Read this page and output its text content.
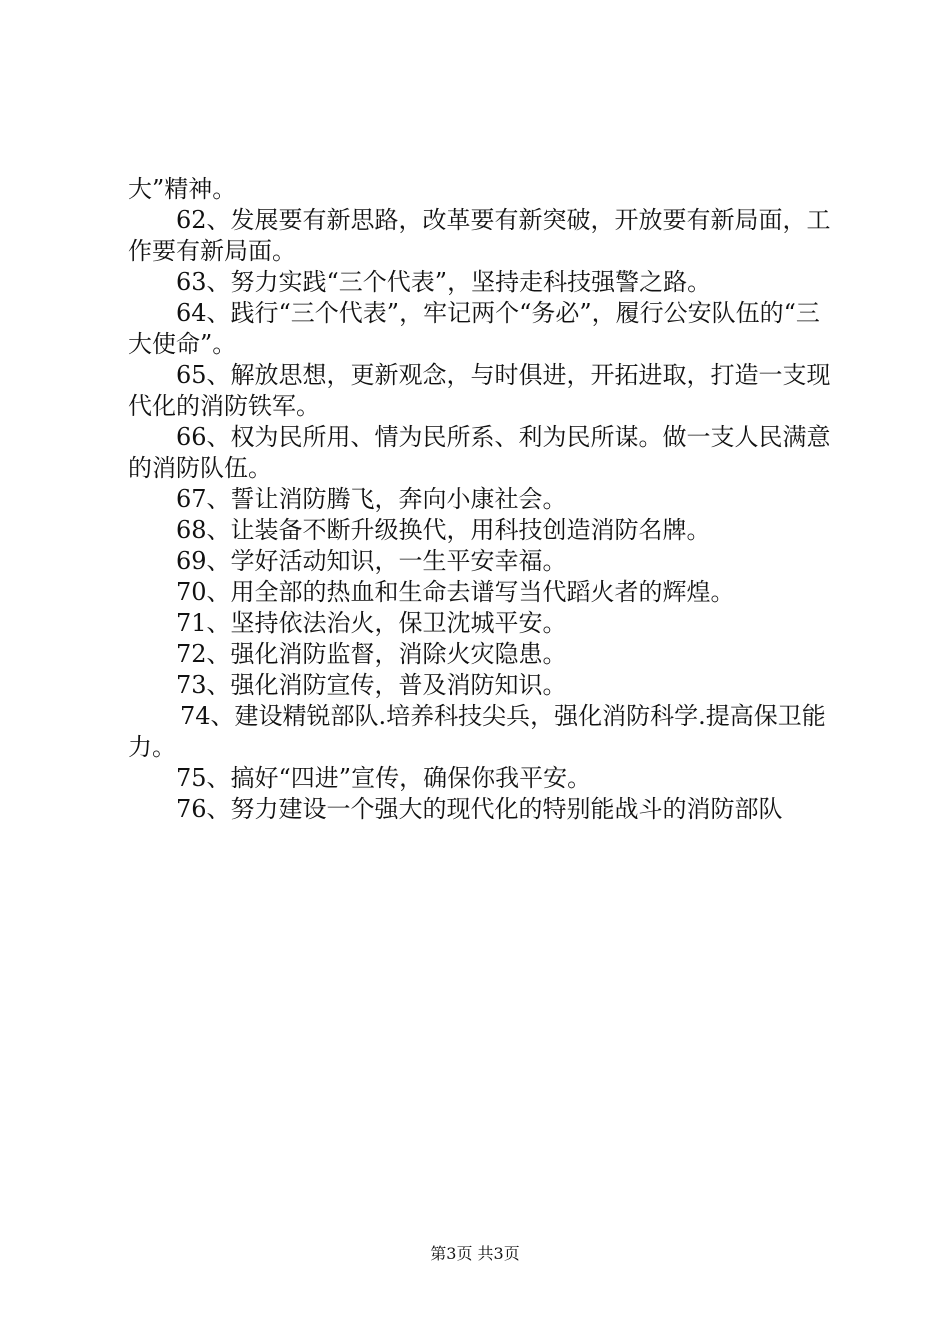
大”精神。

62、发展要有新思路，改革要有新突破，开放要有新局面，工作要有新局面。

63、努力实践“三个代表”，坚持走科技强警之路。

64、践行“三个代表”，牢记两个“务必”，履行公安队伍的“三大使命”。

65、解放思想，更新观念，与时俱进，开拓进取，打造一支现代化的消防铁军。

66、权为民所用、情为民所系、利为民所谋。做一支人民满意的消防队伍。

67、誓让消防腾飞，奔向小康社会。

68、让装备不断升级换代，用科技创造消防名牌。

69、学好活动知识，一生平安幸福。

70、用全部的热血和生命去谱写当代蹈火者的辉煌。

71、坚持依法治火，保卫沈城平安。

72、强化消防监督，消除火灾隐患。

73、强化消防宣传，普及消防知识。

74、建设精锐部队.培养科技尖兵，强化消防科学.提高保卫能力。

75、搞好“四进”宣传，确保你我平安。

76、努力建设一个强大的现代化的特别能战斗的消防部队

第3页 共3页
